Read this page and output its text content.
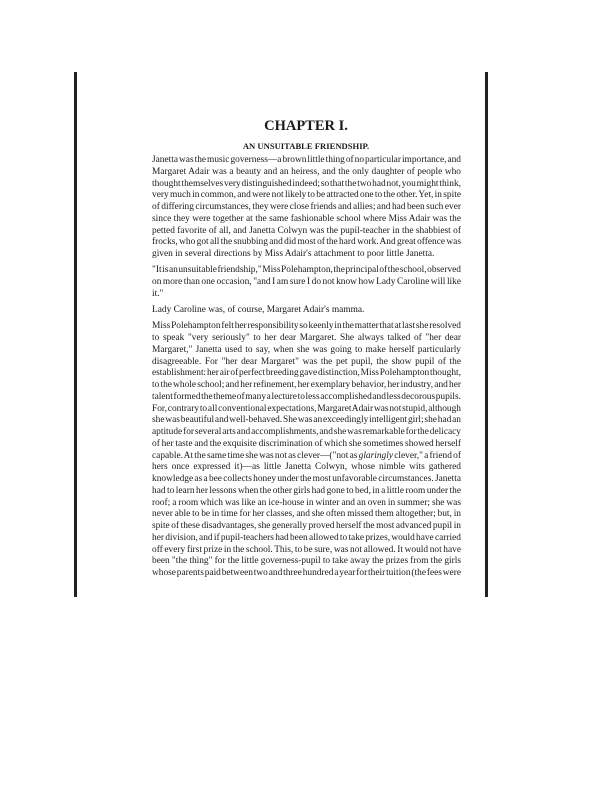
CHAPTER I.
AN UNSUITABLE FRIENDSHIP.
Janetta was the music governess—a brown little thing of no particular importance, and
Margaret Adair was a beauty and an heiress, and the only daughter of people who
thought themselves very distinguished indeed; so that the two had not, you might think,
very much in common, and were not likely to be attracted one to the other. Yet, in spite
of differing circumstances, they were close friends and allies; and had been such ever
since they were together at the same fashionable school where Miss Adair was the
petted favorite of all, and Janetta Colwyn was the pupil-teacher in the shabbiest of
frocks, who got all the snubbing and did most of the hard work. And great offence was
given in several directions by Miss Adair's attachment to poor little Janetta.
"It is an unsuitable friendship," Miss Polehampton, the principal of the school, observed
on more than one occasion, "and I am sure I do not know how Lady Caroline will like
it."
Lady Caroline was, of course, Margaret Adair's mamma.
Miss Polehampton felt her responsibility so keenly in the matter that at last she resolved
to speak "very seriously" to her dear Margaret. She always talked of "her dear
Margaret," Janetta used to say, when she was going to make herself particularly
disagreeable. For "her dear Margaret" was the pet pupil, the show pupil of the
establishment: her air of perfect breeding gave distinction, Miss Polehampton thought,
to the whole school; and her refinement, her exemplary behavior, her industry, and her
talent formed the theme of many a lecture to less accomplished and less decorous pupils.
For, contrary to all conventional expectations, Margaret Adair was not stupid, although
she was beautiful and well-behaved. She was an exceedingly intelligent girl; she had an
aptitude for several arts and accomplishments, and she was remarkable for the delicacy
of her taste and the exquisite discrimination of which she sometimes showed herself
capable. At the same time she was not as clever—("not as glaringly clever," a friend of
hers once expressed it)—as little Janetta Colwyn, whose nimble wits gathered
knowledge as a bee collects honey under the most unfavorable circumstances. Janetta
had to learn her lessons when the other girls had gone to bed, in a little room under the
roof; a room which was like an ice-house in winter and an oven in summer; she was
never able to be in time for her classes, and she often missed them altogether; but, in
spite of these disadvantages, she generally proved herself the most advanced pupil in
her division, and if pupil-teachers had been allowed to take prizes, would have carried
off every first prize in the school. This, to be sure, was not allowed. It would not have
been "the thing" for the little governess-pupil to take away the prizes from the girls
whose parents paid between two and three hundred a year for their tuition (the fees were
